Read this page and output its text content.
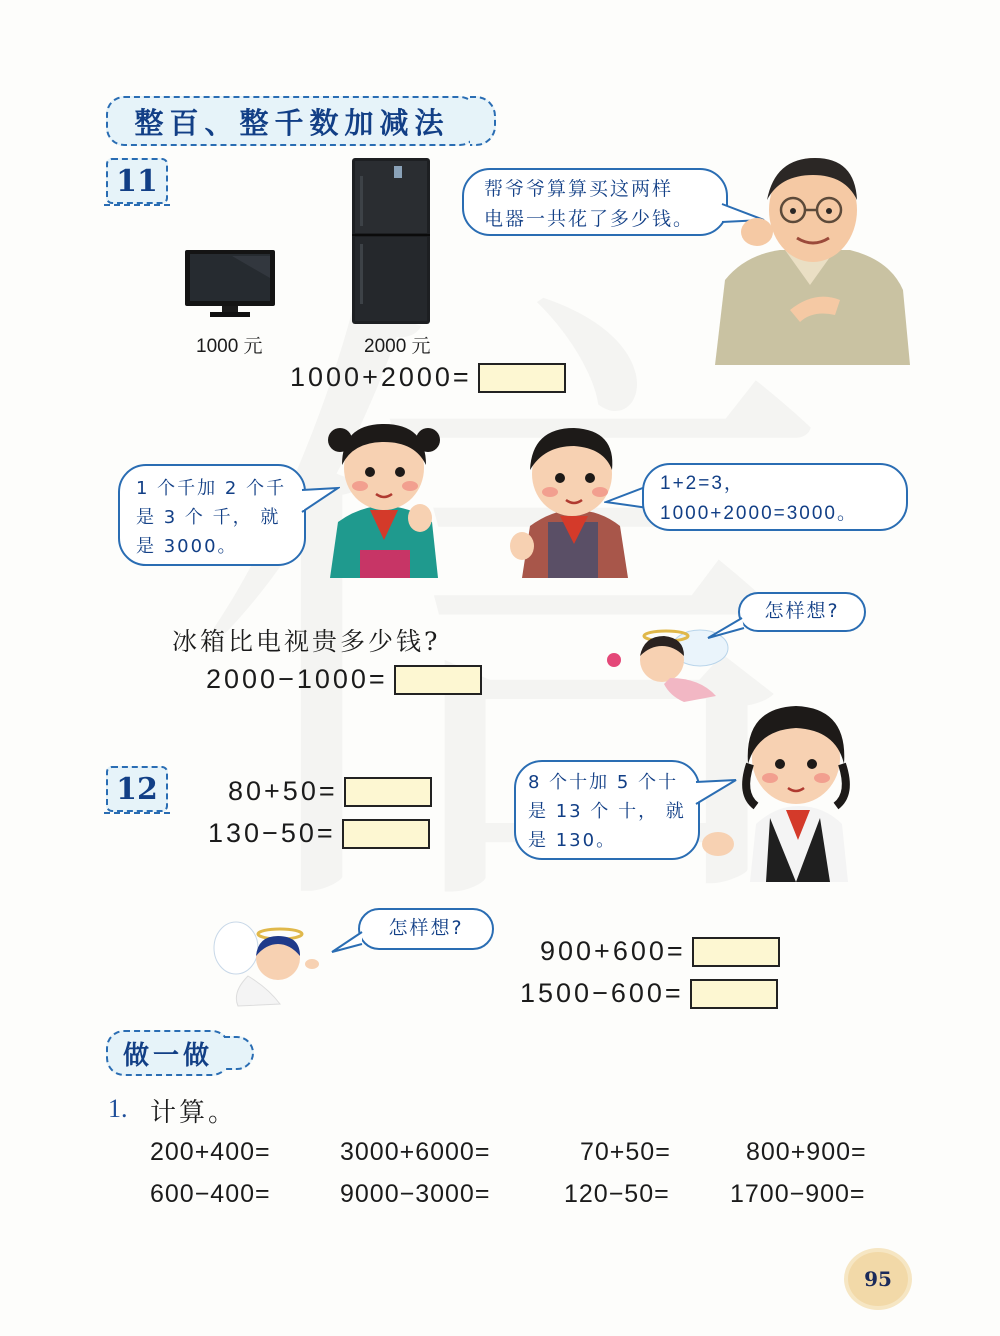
整百、整千数加减法
11
1000 元	2000 元
帮爷爷算算买这两样
电器一共花了多少钱。
1000+2000=
1 个千加 2 个千
是 3 个 千， 就
是 3000。
1+2=3，
1000+2000=3000。
冰箱比电视贵多少钱?
2000−1000=
怎样想?
12	80+50=
130−50=
8 个十加 5 个十
是 13 个 十， 就
是 130。
怎样想?
900+600=
1500−600=
做一做
1. 计算。
200+400=	3000+6000=	70+50=	800+900=
600−400=	9000−3000=	120−50= 1700−900=
95
